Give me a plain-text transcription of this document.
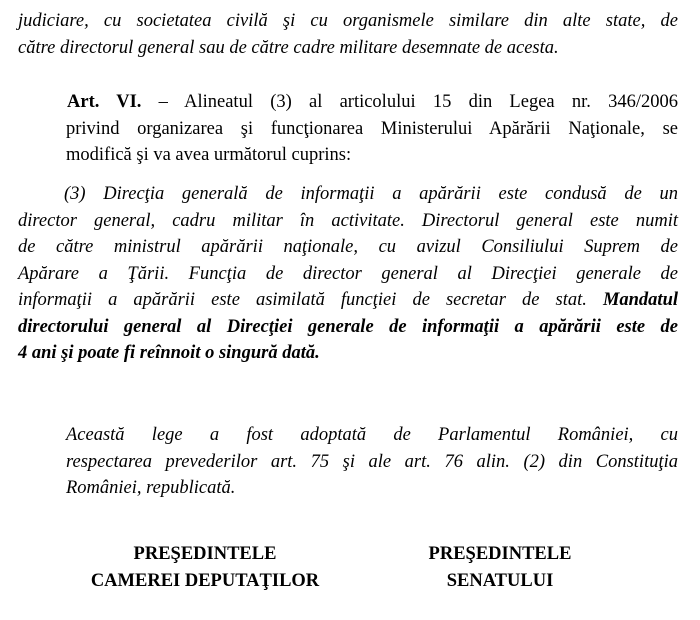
judiciare, cu societatea civilă şi cu organismele similare din alte state, de
către directorul general sau de către cadre militare desemnate de acesta.
Art. VI. – Alineatul (3) al articolului 15 din Legea nr. 346/2006
privind organizarea şi funcţionarea Ministerului Apărării Naţionale, se
modifică şi va avea următorul cuprins:
(3) Direcţia generală de informaţii a apărării este condusă de un
director general, cadru militar în activitate. Directorul general este numit
de către ministrul apărării naţionale, cu avizul Consiliului Suprem de
Apărare a Ţării. Funcţia de director general al Direcţiei generale de
informaţii a apărării este asimilată funcţiei de secretar de stat. Mandatul
directorului general al Direcţiei generale de informaţii a apărării este de
4 ani şi poate fi reînnoit o singură dată.
Această lege a fost adoptată de Parlamentul României, cu
respectarea prevederilor art. 75 şi ale art. 76 alin. (2) din Constituţia
României, republicată.
PREŞEDINTELE
CAMEREI DEPUTAŢILOR
PREŞEDINTELE
SENATULUI
